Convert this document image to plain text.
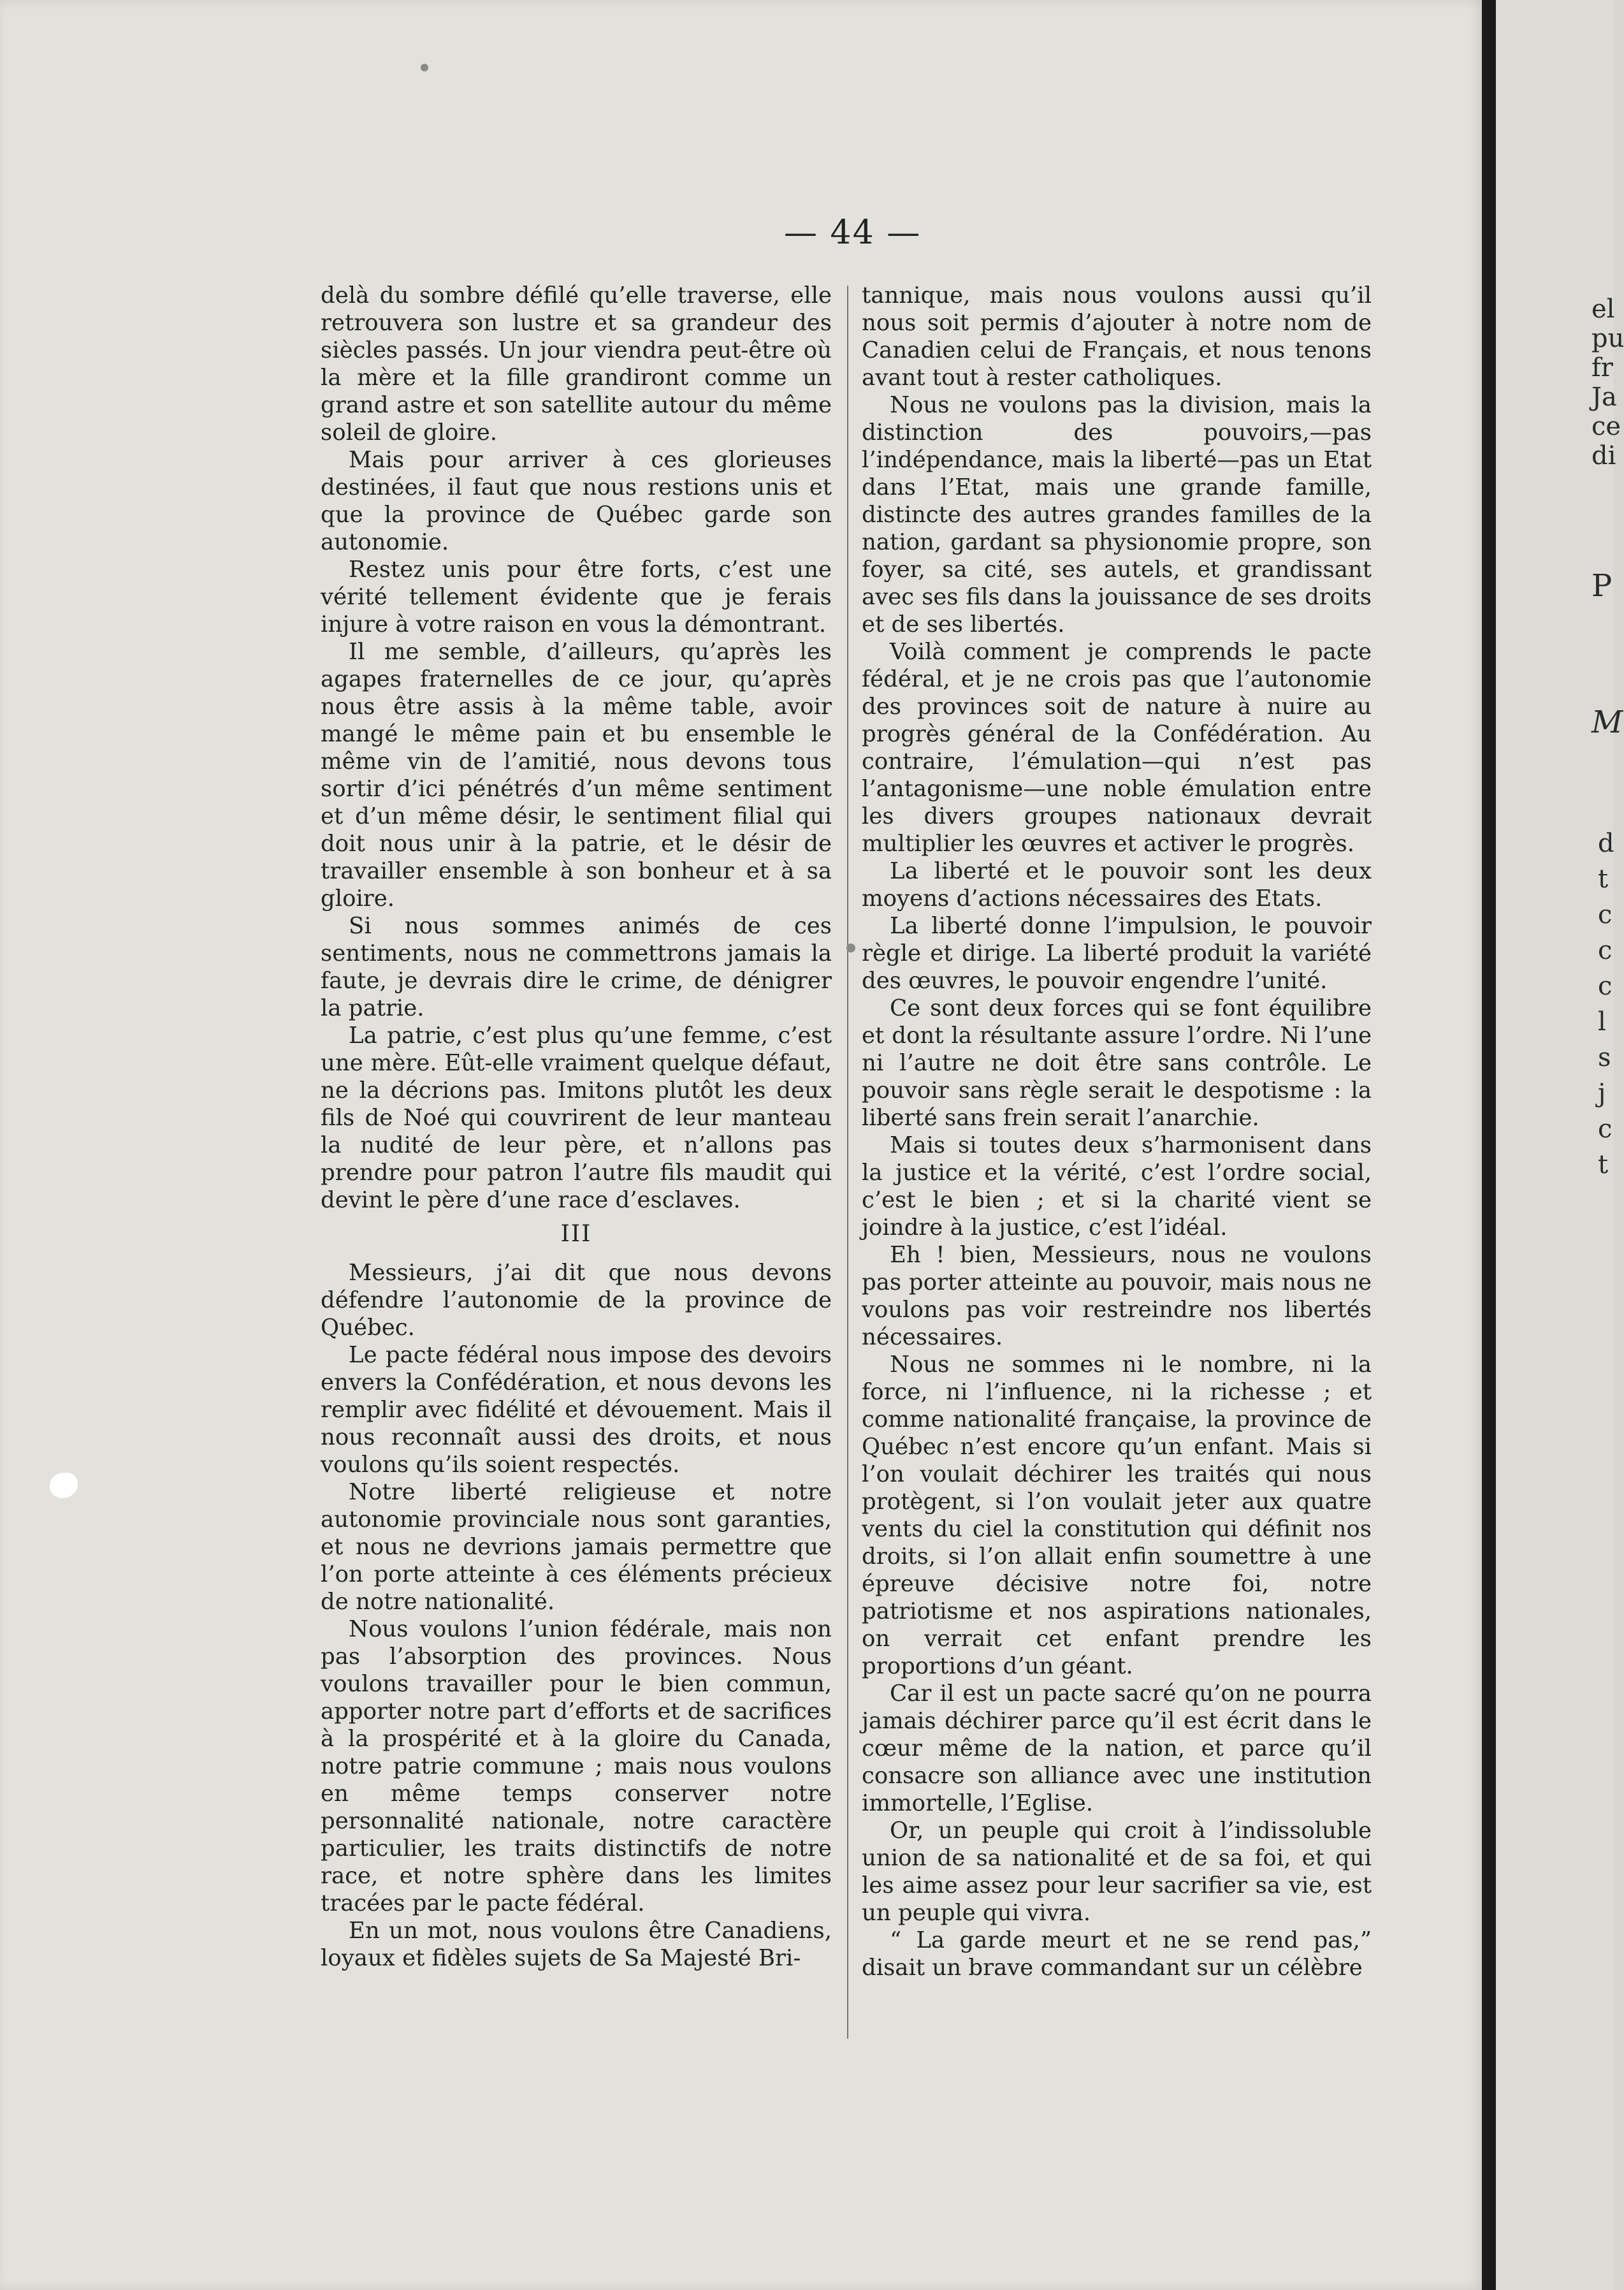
— 44 —

delà du sombre défilé qu’elle traverse, elle retrouvera son lustre et sa grandeur des siècles passés. Un jour viendra peut-être où la mère et la fille grandiront comme un grand astre et son satellite autour du même soleil de gloire.

Mais pour arriver à ces glorieuses destinées, il faut que nous restions unis et que la province de Québec garde son autonomie.

Restez unis pour être forts, c’est une vérité tellement évidente que je ferais injure à votre raison en vous la démontrant.

Il me semble, d’ailleurs, qu’après les agapes fraternelles de ce jour, qu’après nous être assis à la même table, avoir mangé le même pain et bu ensemble le même vin de l’amitié, nous devons tous sortir d’ici pénétrés d’un même sentiment et d’un même désir, le sentiment filial qui doit nous unir à la patrie, et le désir de travailler ensemble à son bonheur et à sa gloire.

Si nous sommes animés de ces sentiments, nous ne commettrons jamais la faute, je devrais dire le crime, de dénigrer la patrie.

La patrie, c’est plus qu’une femme, c’est une mère. Eût-elle vraiment quelque défaut, ne la décrions pas. Imitons plutôt les deux fils de Noé qui couvrirent de leur manteau la nudité de leur père, et n’allons pas prendre pour patron l’autre fils maudit qui devint le père d’une race d’esclaves.

III

Messieurs, j’ai dit que nous devons défendre l’autonomie de la province de Québec.

Le pacte fédéral nous impose des devoirs envers la Confédération, et nous devons les remplir avec fidélité et dévouement. Mais il nous reconnaît aussi des droits, et nous voulons qu’ils soient respectés.

Notre liberté religieuse et notre autonomie provinciale nous sont garanties, et nous ne devrions jamais permettre que l’on porte atteinte à ces éléments précieux de notre nationalité.

Nous voulons l’union fédérale, mais non pas l’absorption des provinces. Nous voulons travailler pour le bien commun, apporter notre part d’efforts et de sacrifices à la prospérité et à la gloire du Canada, notre patrie commune ; mais nous voulons en même temps conserver notre personnalité nationale, notre caractère particulier, les traits distinctifs de notre race, et notre sphère dans les limites tracées par le pacte fédéral.

En un mot, nous voulons être Canadiens, loyaux et fidèles sujets de Sa Majesté Bri-

tannique, mais nous voulons aussi qu’il nous soit permis d’ajouter à notre nom de Canadien celui de Français, et nous tenons avant tout à rester catholiques.

Nous ne voulons pas la division, mais la distinction des pouvoirs,—pas l’indépendance, mais la liberté—pas un Etat dans l’Etat, mais une grande famille, distincte des autres grandes familles de la nation, gardant sa physionomie propre, son foyer, sa cité, ses autels, et grandissant avec ses fils dans la jouissance de ses droits et de ses libertés.

Voilà comment je comprends le pacte fédéral, et je ne crois pas que l’autonomie des provinces soit de nature à nuire au progrès général de la Confédération. Au contraire, l’émulation—qui n’est pas l’antagonisme—une noble émulation entre les divers groupes nationaux devrait multiplier les œuvres et activer le progrès.

La liberté et le pouvoir sont les deux moyens d’actions nécessaires des Etats.

La liberté donne l’impulsion, le pouvoir règle et dirige. La liberté produit la variété des œuvres, le pouvoir engendre l’unité.

Ce sont deux forces qui se font équilibre et dont la résultante assure l’ordre. Ni l’une ni l’autre ne doit être sans contrôle. Le pouvoir sans règle serait le despotisme : la liberté sans frein serait l’anarchie.

Mais si toutes deux s’harmonisent dans la justice et la vérité, c’est l’ordre social, c’est le bien ; et si la charité vient se joindre à la justice, c’est l’idéal.

Eh ! bien, Messieurs, nous ne voulons pas porter atteinte au pouvoir, mais nous ne voulons pas voir restreindre nos libertés nécessaires.

Nous ne sommes ni le nombre, ni la force, ni l’influence, ni la richesse ; et comme nationalité française, la province de Québec n’est encore qu’un enfant. Mais si l’on voulait déchirer les traités qui nous protègent, si l’on voulait jeter aux quatre vents du ciel la constitution qui définit nos droits, si l’on allait enfin soumettre à une épreuve décisive notre foi, notre patriotisme et nos aspirations nationales, on verrait cet enfant prendre les proportions d’un géant.

Car il est un pacte sacré qu’on ne pourra jamais déchirer parce qu’il est écrit dans le cœur même de la nation, et parce qu’il consacre son alliance avec une institution immortelle, l’Eglise.

Or, un peuple qui croit à l’indissoluble union de sa nationalité et de sa foi, et qui les aime assez pour leur sacrifier sa vie, est un peuple qui vivra.

“ La garde meurt et ne se rend pas,” disait un brave commandant sur un célèbre

el
pu
fr
Ja
ce
di
P
M
d
t
c
c
c
l
s
j
c
t
